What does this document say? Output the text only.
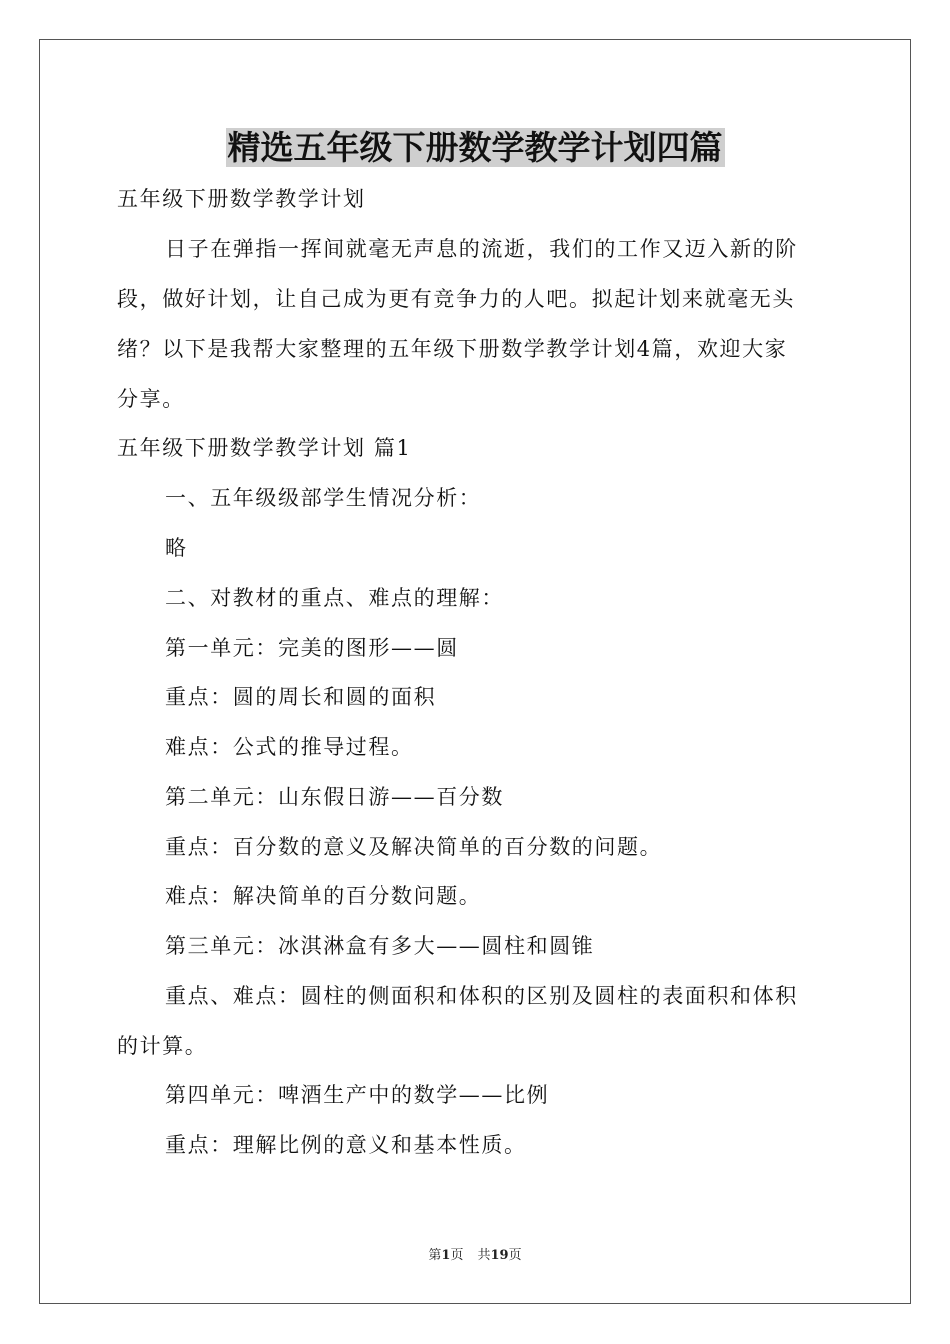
精选五年级下册数学教学计划四篇

五年级下册数学教学计划

日子在弹指一挥间就毫无声息的流逝，我们的工作又迈入新的阶

段，做好计划，让自己成为更有竞争力的人吧。拟起计划来就毫无头

绪？以下是我帮大家整理的五年级下册数学教学计划4篇，欢迎大家

分享。

五年级下册数学教学计划 篇1

一、五年级级部学生情况分析：

略

二、对教材的重点、难点的理解：

第一单元：完美的图形——圆

重点：圆的周长和圆的面积

难点：公式的推导过程。

第二单元：山东假日游——百分数

重点：百分数的意义及解决简单的百分数的问题。

难点：解决简单的百分数问题。

第三单元：冰淇淋盒有多大——圆柱和圆锥

重点、难点：圆柱的侧面积和体积的区别及圆柱的表面积和体积

的计算。

第四单元：啤酒生产中的数学——比例

重点：理解比例的意义和基本性质。

第1页 共19页
